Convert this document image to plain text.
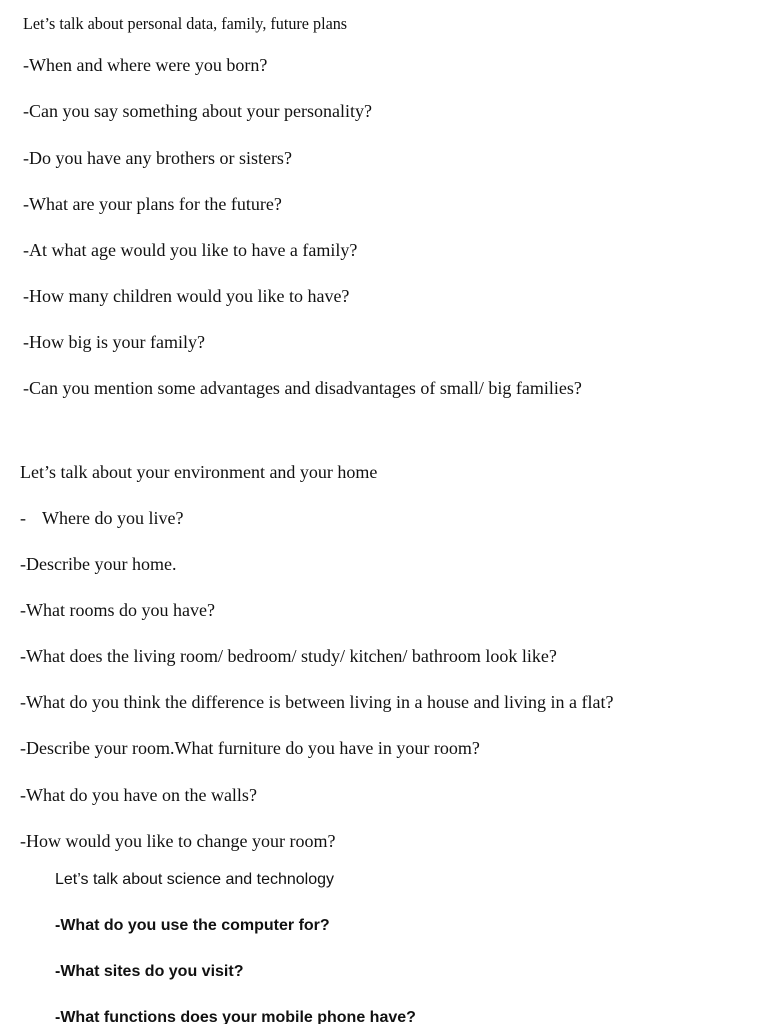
Let’s talk about personal data, family, future plans
-When and where were you born?
-Can you say something about your personality?
-Do you have any brothers or sisters?
-What are your plans for the future?
-At what age would you like to have a family?
-How many children would you like to have?
-How big is your family?
-Can you mention some advantages and disadvantages of small/ big families?
Let’s talk about your environment and your home
- Where do you live?
-Describe your home.
-What rooms do you have?
-What does the living room/ bedroom/ study/ kitchen/ bathroom look like?
-What do you think the difference is between living in a house and living in a flat?
-Describe your room.What furniture do you have in your room?
-What do you have on the walls?
-How would you like to change your room?
Let’s talk about science and technology
-What do you use the computer for?
-What sites do you visit?
-What functions does your mobile phone have?
